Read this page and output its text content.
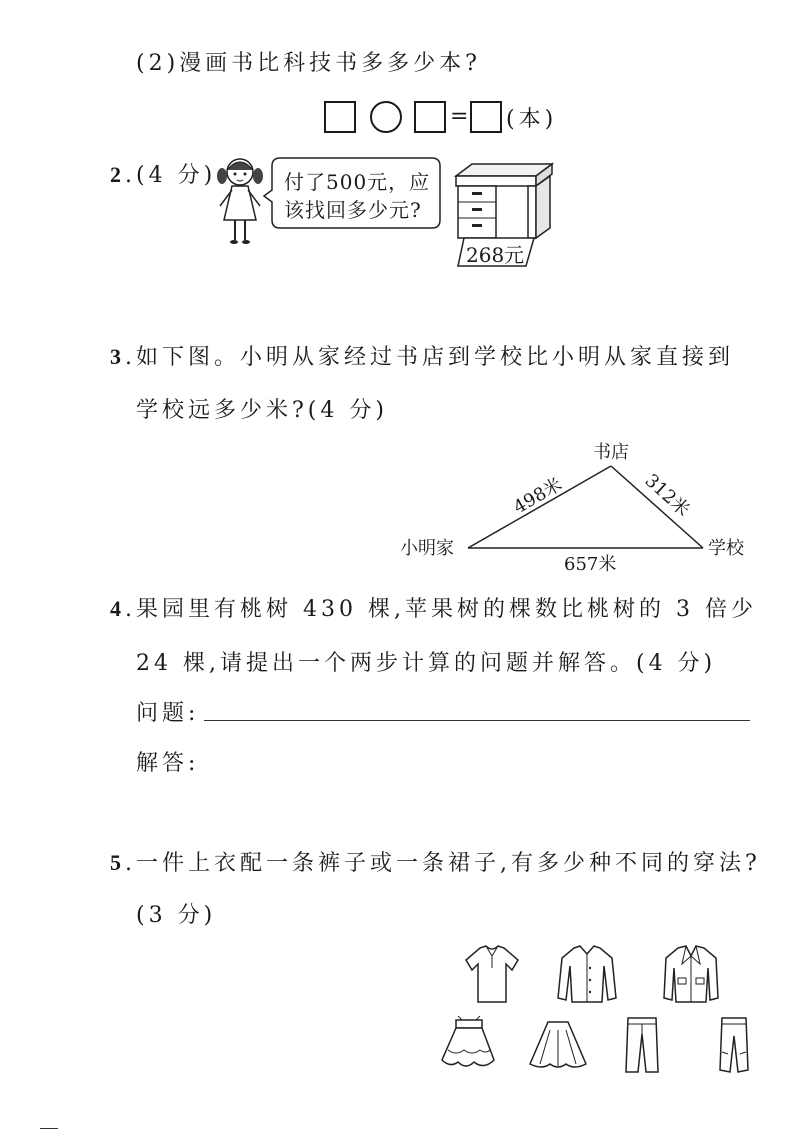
(2)漫画书比科技书多多少本?
= (本)
2.(4 分)	付了500元，应
该找回多少元?
268元
3.如下图。小明从家经过书店到学校比小明从家直接到
学校远多少米?(4 分)
书店
小明家	学校
498米	312米
657米
4.果园里有桃树 430 棵,苹果树的棵数比桃树的 3 倍少
24 棵,请提出一个两步计算的问题并解答。(4 分)
问题:
解答:
5.一件上衣配一条裤子或一条裙子,有多少种不同的穿法?
(3 分)
